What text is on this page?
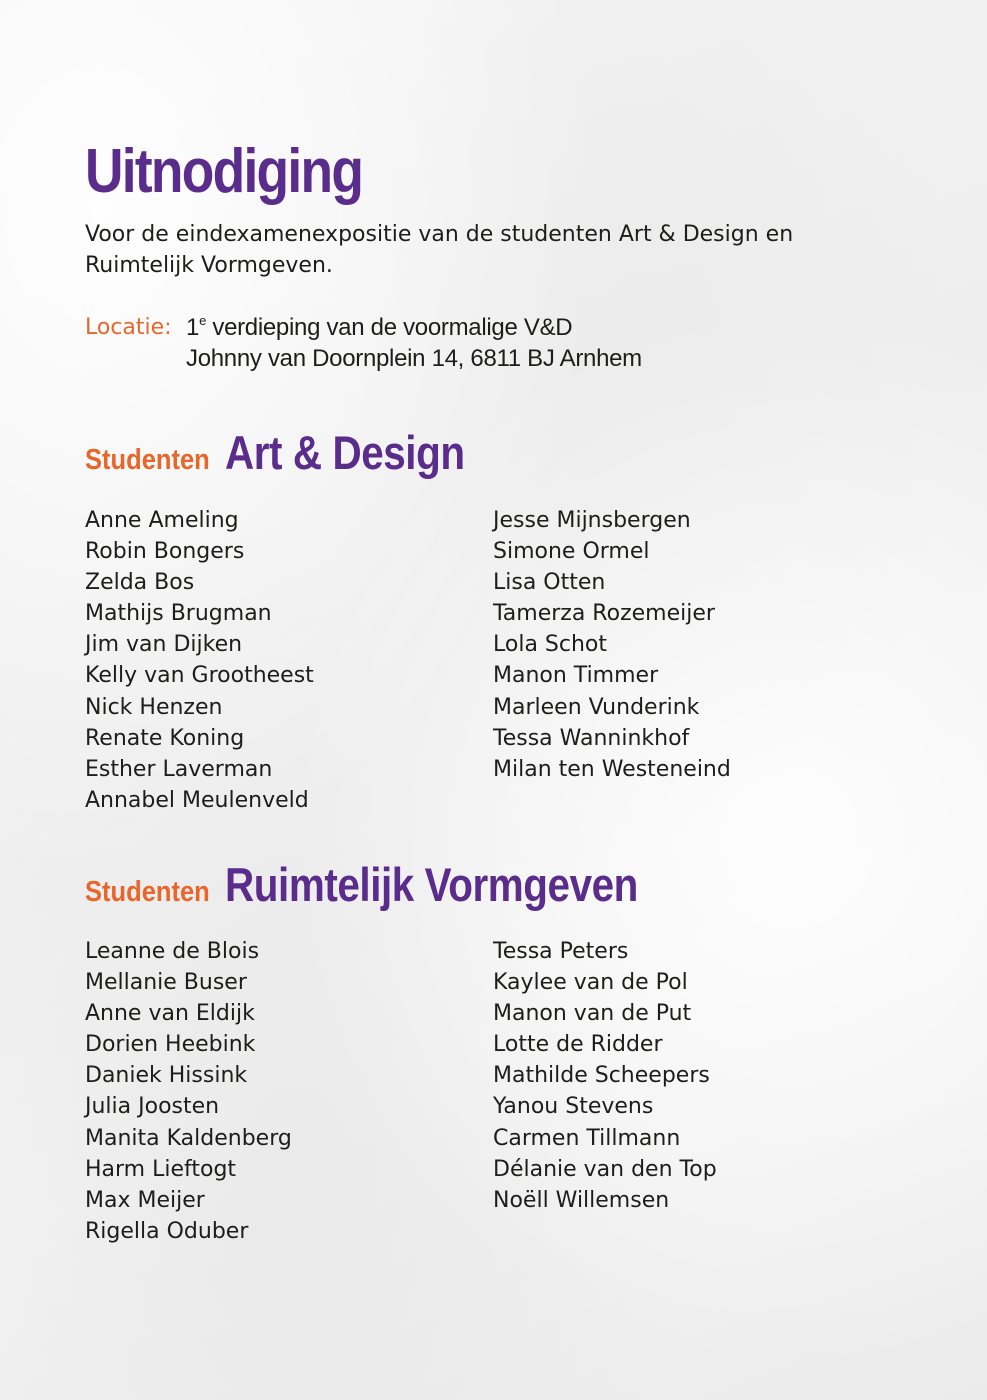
Uitnodiging

Voor de eindexamenexpositie van de studenten Art & Design en Ruimtelijk Vormgeven.

Locatie: 1e verdieping van de voormalige V&D
Johnny van Doornplein 14, 6811 BJ Arnhem
Studenten Art & Design
Anne Ameling
Robin Bongers
Zelda Bos
Mathijs Brugman
Jim van Dijken
Kelly van Grootheest
Nick Henzen
Renate Koning
Esther Laverman
Annabel Meulenveld
Jesse Mijnsbergen
Simone Ormel
Lisa Otten
Tamerza Rozemeijer
Lola Schot
Manon Timmer
Marleen Vunderink
Tessa Wanninkhof
Milan ten Westeneind
Studenten Ruimtelijk Vormgeven
Leanne de Blois
Mellanie Buser
Anne van Eldijk
Dorien Heebink
Daniek Hissink
Julia Joosten
Manita Kaldenberg
Harm Lieftogt
Max Meijer
Rigella Oduber
Tessa Peters
Kaylee van de Pol
Manon van de Put
Lotte de Ridder
Mathilde Scheepers
Yanou Stevens
Carmen Tillmann
Délanie van den Top
Noëll Willemsen
